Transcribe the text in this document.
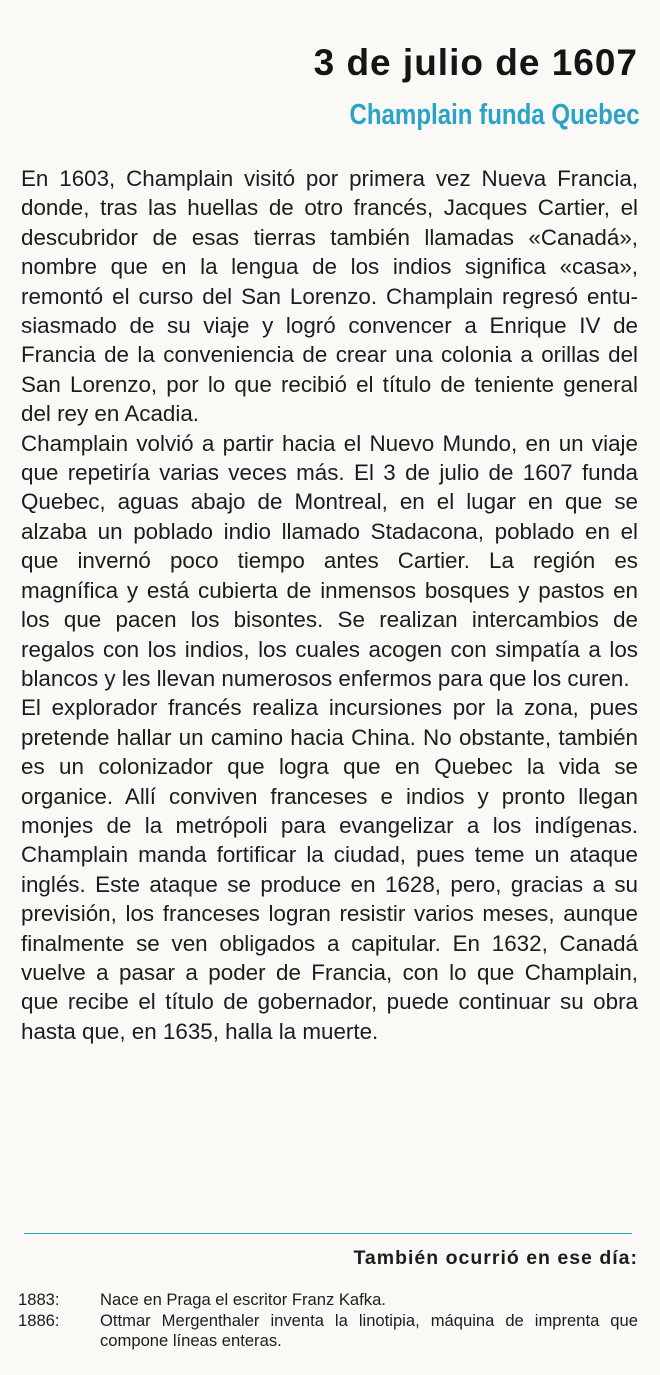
3 de julio de 1607
Champlain funda Quebec

En 1603, Champlain visitó por primera vez Nueva Francia, donde, tras las huellas de otro francés, Jacques Cartier, el descubridor de esas tierras también llamadas «Canadá», nombre que en la lengua de los indios significa «casa», remontó el curso del San Lorenzo. Champlain regresó entusiasmado de su viaje y logró convencer a Enrique IV de Francia de la conveniencia de crear una colonia a orillas del San Lorenzo, por lo que recibió el título de teniente general del rey en Acadia.

Champlain volvió a partir hacia el Nuevo Mundo, en un viaje que repetiría varias veces más. El 3 de julio de 1607 funda Quebec, aguas abajo de Montreal, en el lugar en que se alzaba un poblado indio llamado Stadacona, poblado en el que invernó poco tiempo antes Cartier. La región es magnífica y está cubierta de inmensos bosques y pastos en los que pacen los bisontes. Se realizan intercambios de regalos con los indios, los cuales acogen con simpatía a los blancos y les llevan numerosos enfermos para que los curen.

El explorador francés realiza incursiones por la zona, pues pretende hallar un camino hacia China. No obstante, también es un colonizador que logra que en Quebec la vida se organice. Allí conviven franceses e indios y pronto llegan monjes de la metrópoli para evangelizar a los indígenas. Champlain manda fortificar la ciudad, pues teme un ataque inglés. Este ataque se produce en 1628, pero, gracias a su previsión, los franceses logran resistir varios meses, aunque finalmente se ven obligados a capitular. En 1632, Canadá vuelve a pasar a poder de Francia, con lo que Champlain, que recibe el título de gobernador, puede continuar su obra hasta que, en 1635, halla la muerte.

También ocurrió en ese día:
1883:	Nace en Praga el escritor Franz Kafka.
1886:	Ottmar Mergenthaler inventa la linotipia, máquina de imprenta que compone líneas enteras.
